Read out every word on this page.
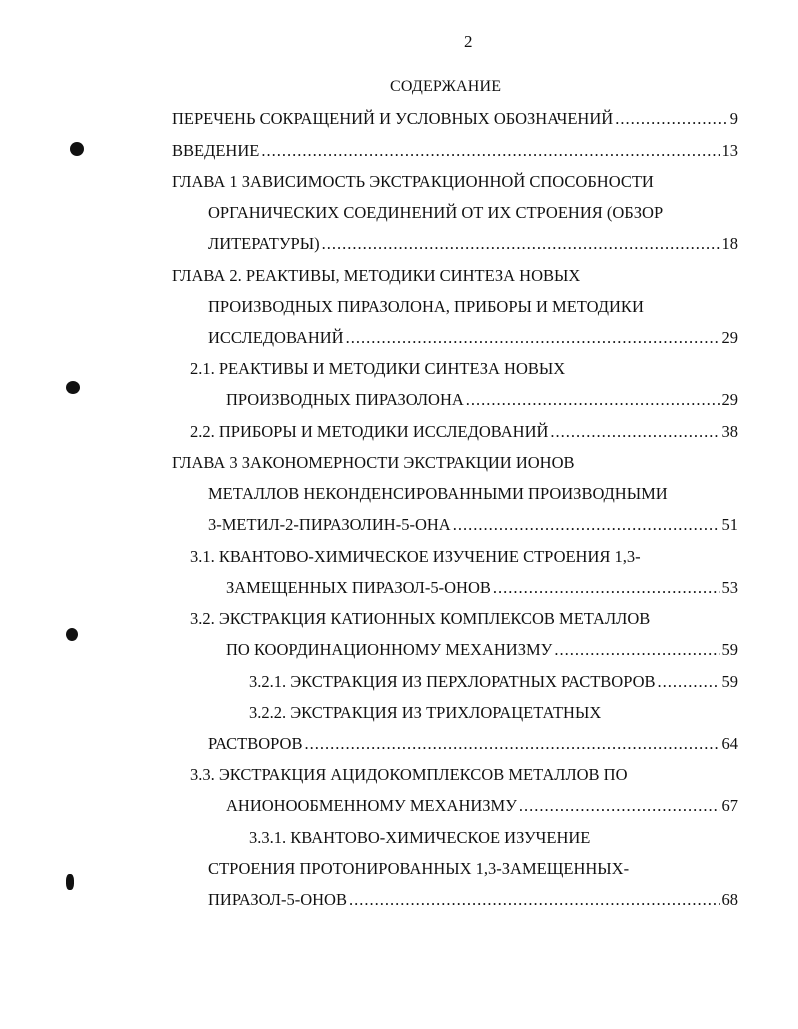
2
СОДЕРЖАНИЕ
ПЕРЕЧЕНЬ СОКРАЩЕНИЙ И УСЛОВНЫХ ОБОЗНАЧЕНИЙ .....	9
ВВЕДЕНИЕ .....	13
ГЛАВА 1 ЗАВИСИМОСТЬ ЭКСТРАКЦИОННОЙ СПОСОБНОСТИ
ОРГАНИЧЕСКИХ СОЕДИНЕНИЙ ОТ ИХ СТРОЕНИЯ (ОБЗОР
ЛИТЕРАТУРЫ) .....	18
ГЛАВА 2. РЕАКТИВЫ, МЕТОДИКИ СИНТЕЗА НОВЫХ
ПРОИЗВОДНЫХ ПИРАЗОЛОНА, ПРИБОРЫ И МЕТОДИКИ
ИССЛЕДОВАНИЙ .....	29
2.1. РЕАКТИВЫ И МЕТОДИКИ СИНТЕЗА НОВЫХ
ПРОИЗВОДНЫХ ПИРАЗОЛОНА .....	29
2.2. ПРИБОРЫ И МЕТОДИКИ ИССЛЕДОВАНИЙ .....	38
ГЛАВА 3 ЗАКОНОМЕРНОСТИ ЭКСТРАКЦИИ ИОНОВ
МЕТАЛЛОВ НЕКОНДЕНСИРОВАННЫМИ ПРОИЗВОДНЫМИ
3-МЕТИЛ-2-ПИРАЗОЛИН-5-ОНА .....	51
3.1. КВАНТОВО-ХИМИЧЕСКОЕ ИЗУЧЕНИЕ СТРОЕНИЯ 1,3-
ЗАМЕЩЕННЫХ ПИРАЗОЛ-5-ОНОВ .....	53
3.2. ЭКСТРАКЦИЯ КАТИОННЫХ КОМПЛЕКСОВ МЕТАЛЛОВ
ПО КООРДИНАЦИОННОМУ МЕХАНИЗМУ .....	59
3.2.1. ЭКСТРАКЦИЯ ИЗ ПЕРХЛОРАТНЫХ РАСТВОРОВ .....	59
3.2.2. ЭКСТРАКЦИЯ ИЗ ТРИХЛОРАЦЕТАТНЫХ
РАСТВОРОВ .....	64
3.3. ЭКСТРАКЦИЯ АЦИДОКОМПЛЕКСОВ МЕТАЛЛОВ ПО
АНИОНООБМЕННОМУ МЕХАНИЗМУ .....	67
3.3.1. КВАНТОВО-ХИМИЧЕСКОЕ ИЗУЧЕНИЕ
СТРОЕНИЯ ПРОТОНИРОВАННЫХ 1,3-ЗАМЕЩЕННЫХ-
ПИРАЗОЛ-5-ОНОВ .....	68
